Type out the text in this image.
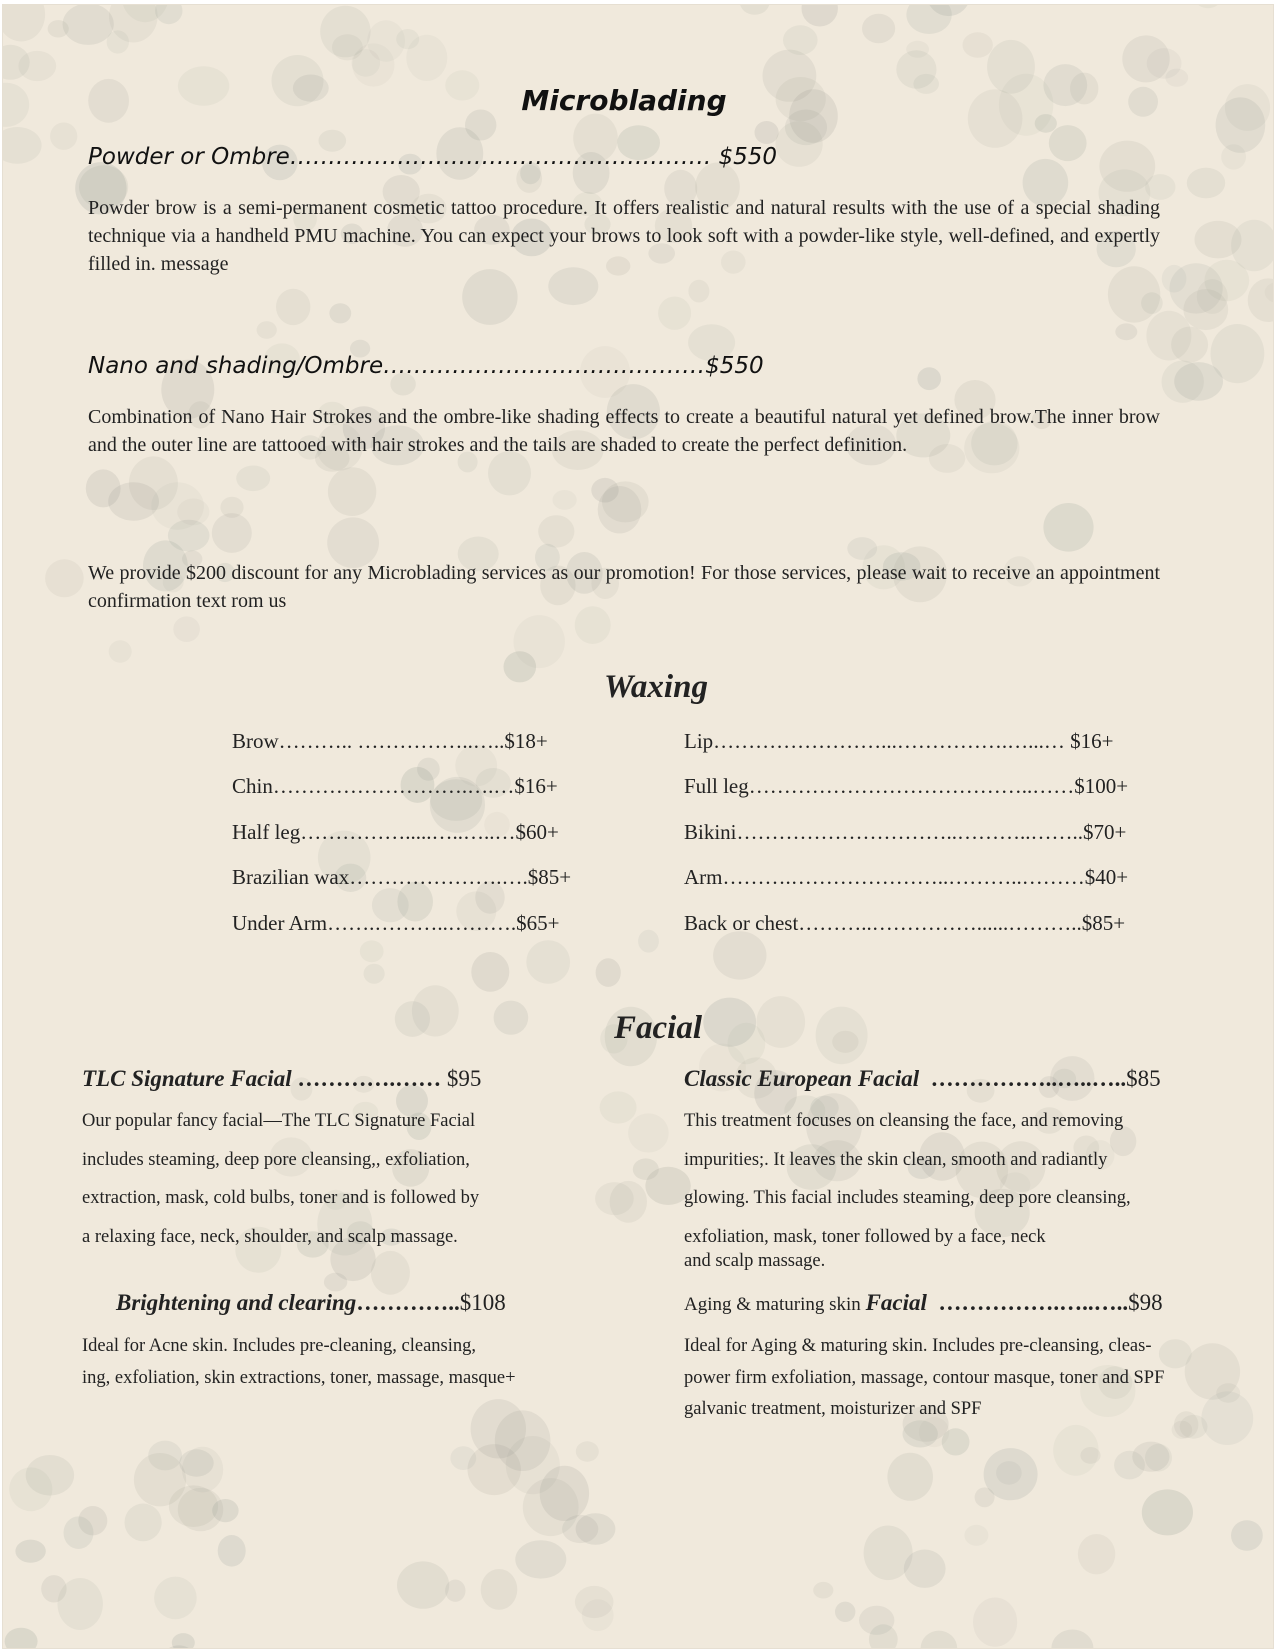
Microblading
Powder or Ombre………………………………………………. $550
Powder brow is a semi-permanent cosmetic tattoo procedure. It offers realistic and natural results with the use of a special shading technique via a handheld PMU machine. You can expect your brows to look soft with a powder-like style, well-defined, and expertly filled in. message
Nano and shading/Ombre……………………………………$550
Combination of Nano Hair Strokes and the ombre-like shading effects to create a beautiful natural yet defined brow.The inner brow and the outer line are tattooed with hair strokes and the tails are shaded to create the perfect definition.
We provide $200 discount for any Microblading services as our promotion! For those services, please wait to receive an appointment confirmation text rom us
Waxing
Brow……….. ……………..…..$18+
Chin……………………….….…$16+
Half leg…………….....…..…..…$60+
Brazilian wax………………….….$85+
Under Arm…….………..……….$65+
Lip……………………...…………….…...… $16+
Full leg…………………………………..……$100+
Bikini…………………………..………..……..$70+
Arm……….…………………..………..………$40+
Back or chest………..……………......………..$85+
Facial
TLC Signature Facial ………….…… $95
Our popular fancy facial—The TLC Signature Facial
includes steaming, deep pore cleansing,, exfoliation,
extraction, mask, cold bulbs, toner and is followed by
a relaxing face, neck, shoulder, and scalp massage.
Classic European Facial  ……………..…..…..$85
This treatment focuses on cleansing the face, and removing
impurities;. It leaves the skin clean, smooth and radiantly
glowing. This facial includes steaming, deep pore cleansing,
exfoliation, mask, toner followed by a face, neck
and scalp massage.
Brightening and clearing…………..$108
Ideal for Acne skin. Includes pre-cleaning, cleansing,
ing, exfoliation, skin extractions, toner, massage, masque+
Aging & maturing skin Facial  …………….…..…..$98
Ideal for Aging & maturing skin. Includes pre-cleansing, cleas-
power firm exfoliation, massage, contour masque, toner and SPF
galvanic treatment, moisturizer and SPF
